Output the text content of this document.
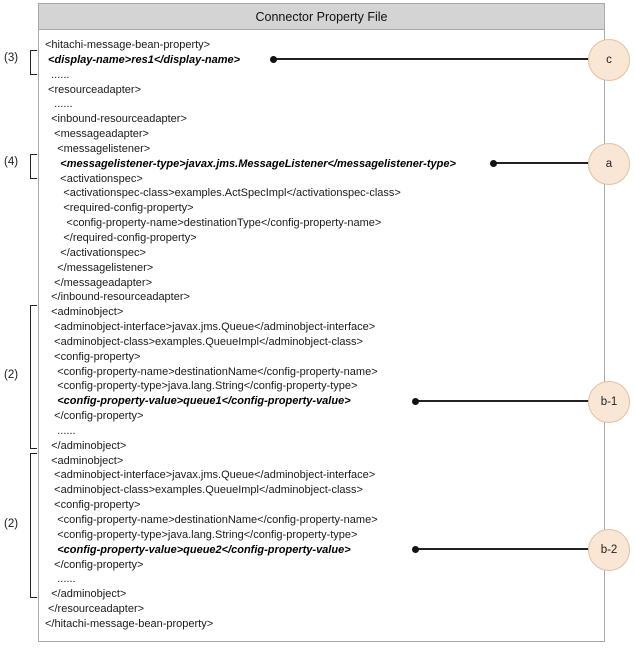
Connector Property File
<hitachi-message-bean-property>
<display-name>res1</display-name>
......
<resourceadapter>
......
<inbound-resourceadapter>
<messageadapter>
<messagelistener>
<messagelistener-type>javax.jms.MessageListener</messagelistener-type>
<activationspec>
<activationspec-class>examples.ActSpecImpl</activationspec-class>
<required-config-property>
<config-property-name>destinationType</config-property-name>
</required-config-property>
</activationspec>
</messagelistener>
</messageadapter>
</inbound-resourceadapter>
<adminobject>
<adminobject-interface>javax.jms.Queue</adminobject-interface>
<adminobject-class>examples.QueueImpl</adminobject-class>
<config-property>
<config-property-name>destinationName</config-property-name>
<config-property-type>java.lang.String</config-property-type>
<config-property-value>queue1</config-property-value>
</config-property>
......
</adminobject>
<adminobject>
<adminobject-interface>javax.jms.Queue</adminobject-interface>
<adminobject-class>examples.QueueImpl</adminobject-class>
<config-property>
<config-property-name>destinationName</config-property-name>
<config-property-type>java.lang.String</config-property-type>
<config-property-value>queue2</config-property-value>
</config-property>
......
</adminobject>
</resourceadapter>
</hitachi-message-bean-property>
(3)
(4)
(2)
(2)
c
a
b-1
b-2
